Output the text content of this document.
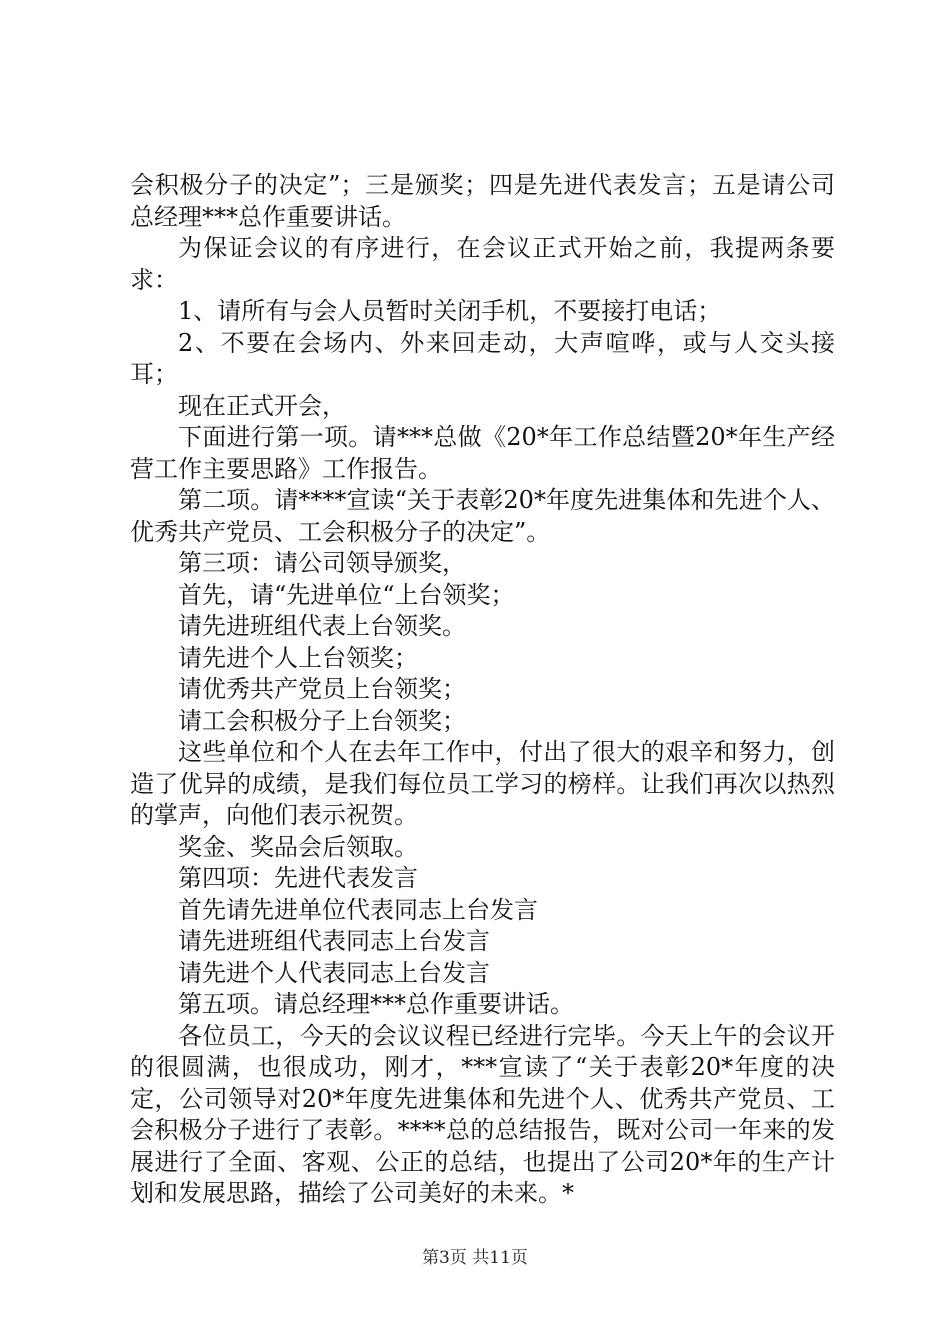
会积极分子的决定”；三是颁奖；四是先进代表发言；五是请公司总经理***总作重要讲话。

为保证会议的有序进行，在会议正式开始之前，我提两条要求：

1、请所有与会人员暂时关闭手机，不要接打电话；

2、不要在会场内、外来回走动，大声喧哗，或与人交头接耳；

现在正式开会，

下面进行第一项。请***总做《20*年工作总结暨20*年生产经营工作主要思路》工作报告。

第二项。请****宣读“关于表彰20*年度先进集体和先进个人、优秀共产党员、工会积极分子的决定”。

第三项：请公司领导颁奖，

首先，请“先进单位“上台领奖；

请先进班组代表上台领奖。

请先进个人上台领奖；

请优秀共产党员上台领奖；

请工会积极分子上台领奖；

这些单位和个人在去年工作中，付出了很大的艰辛和努力，创造了优异的成绩，是我们每位员工学习的榜样。让我们再次以热烈的掌声，向他们表示祝贺。

奖金、奖品会后领取。

第四项：先进代表发言

首先请先进单位代表同志上台发言

请先进班组代表同志上台发言

请先进个人代表同志上台发言

第五项。请总经理***总作重要讲话。

各位员工，今天的会议议程已经进行完毕。今天上午的会议开的很圆满，也很成功，刚才，***宣读了“关于表彰20*年度的决定，公司领导对20*年度先进集体和先进个人、优秀共产党员、工会积极分子进行了表彰。****总的总结报告，既对公司一年来的发展进行了全面、客观、公正的总结，也提出了公司20*年的生产计划和发展思路，描绘了公司美好的未来。*

第3页 共11页
